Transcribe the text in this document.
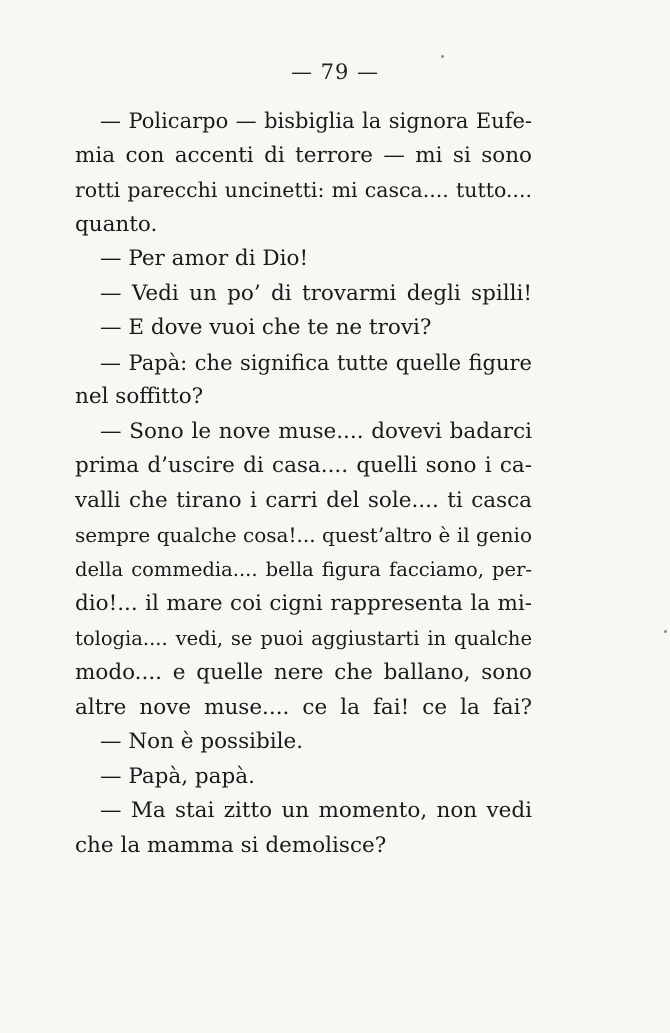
— 79 —
— Policarpo — bisbiglia la signora Eufe-
mia con accenti di terrore — mi si sono
rotti parecchi uncinetti: mi casca.... tutto....
quanto.
— Per amor di Dio!
— Vedi un po’ di trovarmi degli spilli!
— E dove vuoi che te ne trovi?
— Papà: che significa tutte quelle figure
nel soffitto?
— Sono le nove muse.... dovevi badarci
prima d’uscire di casa.... quelli sono i ca-
valli che tirano i carri del sole.... ti casca
sempre qualche cosa!... quest’altro è il genio
della commedia.... bella figura facciamo, per-
dio!... il mare coi cigni rappresenta la mi-
tologia.... vedi, se puoi aggiustarti in qualche
modo.... e quelle nere che ballano, sono
altre nove muse.... ce la fai! ce la fai?
— Non è possibile.
— Papà, papà.
— Ma stai zitto un momento, non vedi
che la mamma si demolisce?
